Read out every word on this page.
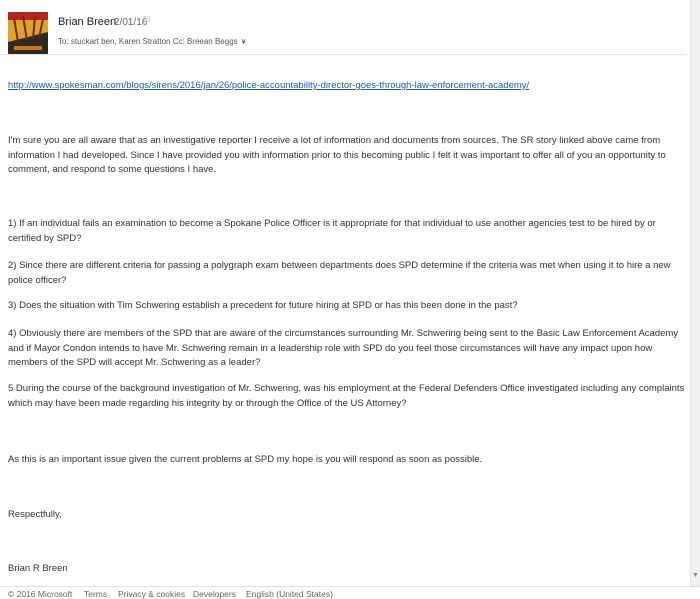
Brian Breen
2/01/16
To: stuckart ben, Karen Stratton Cc: Breean Beggs ¥
http://www.spokesman.com/blogs/sirens/2016/jan/26/police-accountability-director-goes-through-law-enforcement-academy/

I'm sure you are all aware that as an investigative reporter I receive a lot of information and documents from sources. The SR story linked above came from information I had developed. Since I have provided you with information prior to this becoming public I felt it was important to offer all of you an opportunity to comment, and respond to some questions I have.

1) If an individual fails an examination to become a Spokane Police Officer is it appropriate for that individual to use another agencies test to be hired by or certified by SPD?

2) Since there are different criteria for passing a polygraph exam between departments does SPD determine if the criteria was met when using it to hire a new police officer?

3) Does the situation with Tim Schwering establish a precedent for future hiring at SPD or has this been done in the past?

4) Obviously there are members of the SPD that are aware of the circumstances surrounding Mr. Schwering being sent to the Basic Law Enforcement Academy and if Mayor Condon intends to have Mr. Schwering remain in a leadership role with SPD do you feel those circumstances will have any impact upon how members of the SPD will accept Mr. Schwering as a leader?

5 During the course of the background investigation of Mr. Schwering, was his employment at the Federal Defenders Office investigated including any complaints which may have been made regarding his integrity by or through the Office of the US Attorney?

As this is an important issue given the current problems at SPD my hope is you will respond as soon as possible.

Respectfully,

Brian R Breen

▼
© 2016 Microsoft Terms Privacy & cookies Developers English (United States)
